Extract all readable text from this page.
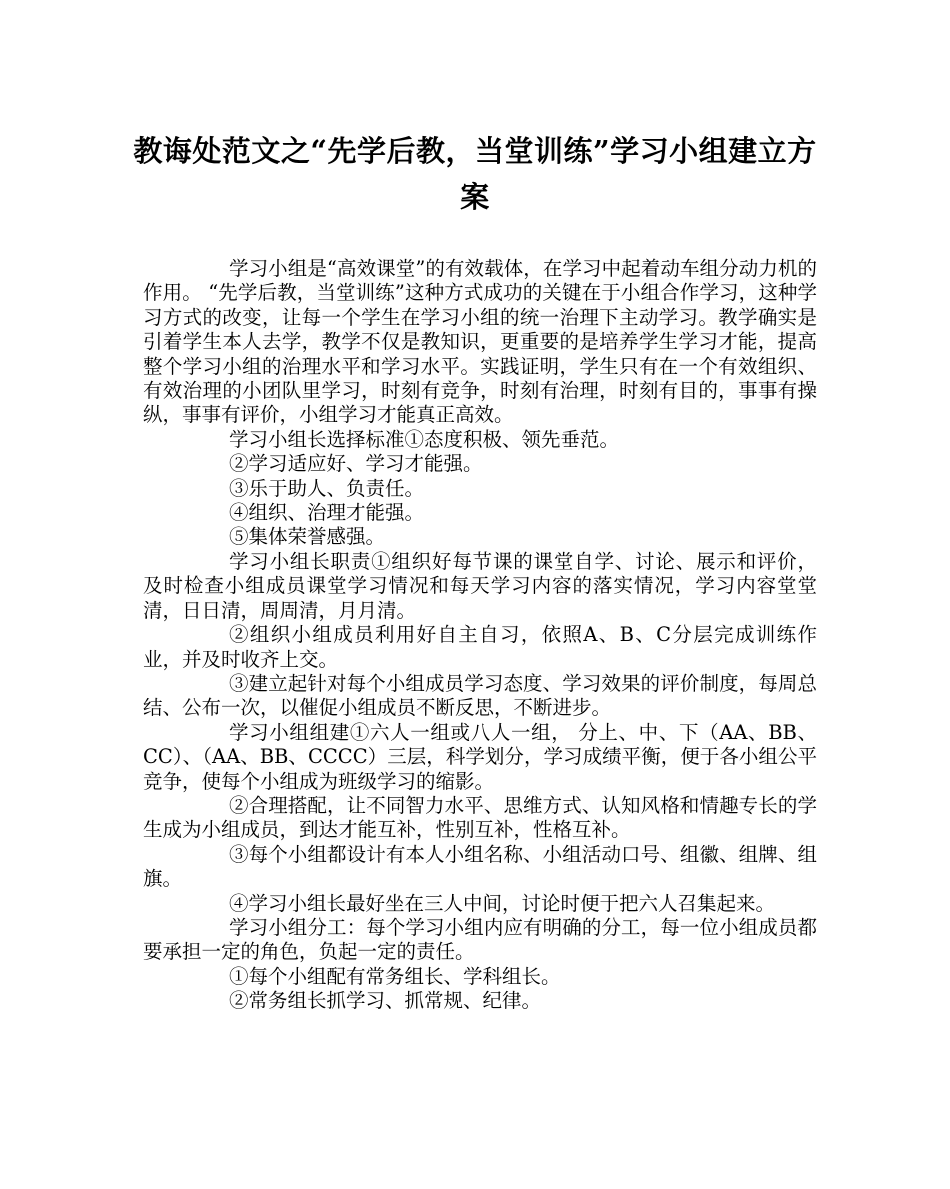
教诲处范文之“先学后教，当堂训练”学习小组建立方案

学习小组是“高效课堂”的有效载体，在学习中起着动车组分动力机的作用。 “先学后教，当堂训练”这种方式成功的关键在于小组合作学习，这种学习方式的改变，让每一个学生在学习小组的统一治理下主动学习。教学确实是引着学生本人去学，教学不仅是教知识，更重要的是培养学生学习才能，提高整个学习小组的治理水平和学习水平。实践证明，学生只有在一个有效组织、有效治理的小团队里学习，时刻有竞争，时刻有治理，时刻有目的，事事有操纵，事事有评价，小组学习才能真正高效。

学习小组长选择标准①态度积极、领先垂范。

②学习适应好、学习才能强。

③乐于助人、负责任。

④组织、治理才能强。

⑤集体荣誉感强。

学习小组长职责①组织好每节课的课堂自学、讨论、展示和评价， 及时检查小组成员课堂学习情况和每天学习内容的落实情况，学习内容堂堂清，日日清，周周清，月月清。

②组织小组成员利用好自主自习，依照A、B、C分层完成训练作业，并及时收齐上交。

③建立起针对每个小组成员学习态度、学习效果的评价制度，每周总结、公布一次，以催促小组成员不断反思，不断进步。

学习小组组建①六人一组或八人一组， 分上、中、下（AA、BB、CC）、（AA、BB、CCCC）三层，科学划分，学习成绩平衡，便于各小组公平竞争，使每个小组成为班级学习的缩影。

②合理搭配，让不同智力水平、思维方式、认知风格和情趣专长的学生成为小组成员，到达才能互补，性别互补，性格互补。

③每个小组都设计有本人小组名称、小组活动口号、组徽、组牌、组旗。

④学习小组长最好坐在三人中间，讨论时便于把六人召集起来。

学习小组分工：每个学习小组内应有明确的分工，每一位小组成员都要承担一定的角色，负起一定的责任。

①每个小组配有常务组长、学科组长。

②常务组长抓学习、抓常规、纪律。
